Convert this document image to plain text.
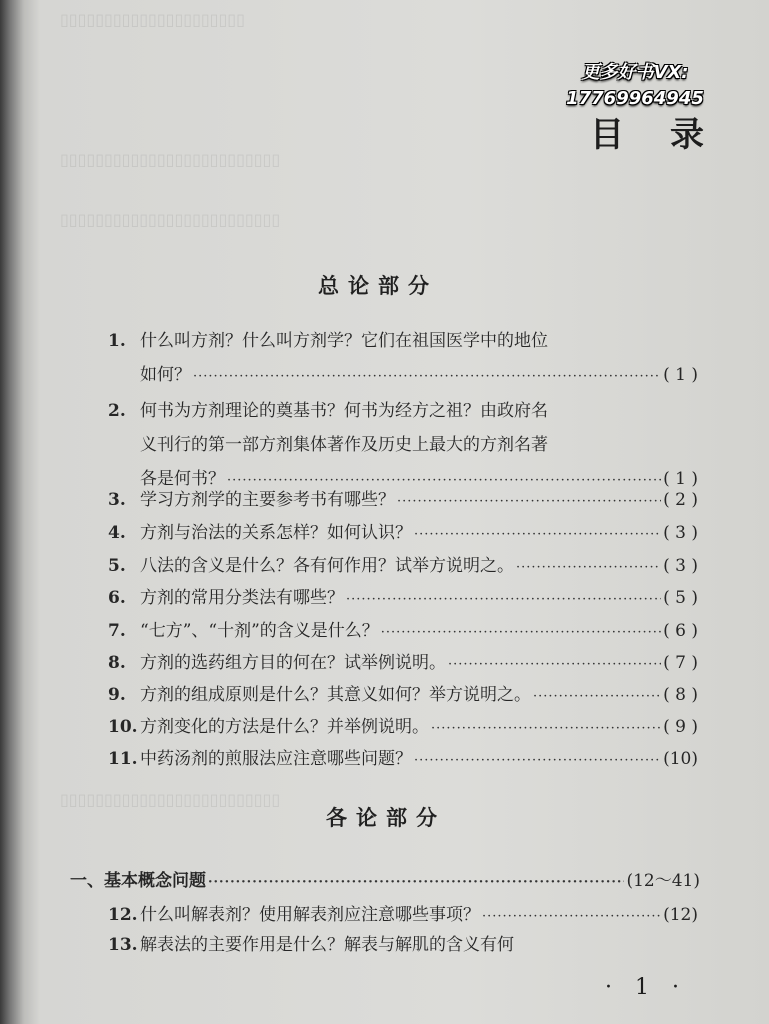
▯▯▯▯▯▯▯▯▯▯▯▯▯▯▯▯▯▯▯▯▯
▯▯▯▯▯▯▯▯▯▯▯▯▯▯▯▯▯▯▯▯▯▯▯▯▯
▯▯▯▯▯▯▯▯▯▯▯▯▯▯▯▯▯▯▯▯▯▯▯▯▯
▯▯▯▯▯▯▯▯▯▯▯▯▯▯▯▯▯▯▯▯▯▯▯▯▯
更多好书VX:
17769964945
目录
总论部分
1. 什么叫方剂？什么叫方剂学？它们在祖国医学中的地位
如何？ ·····	( 1 )
2. 何书为方剂理论的奠基书？何书为经方之祖？由政府名
义刊行的第一部方剂集体著作及历史上最大的方剂名著
各是何书？ ·····	( 1 )
3. 学习方剂学的主要参考书有哪些？ ·····	( 2 )
4. 方剂与治法的关系怎样？如何认识？ ·····	( 3 )
5. 八法的含义是什么？各有何作用？试举方说明之。 ·····	( 3 )
6. 方剂的常用分类法有哪些？ ·····	( 5 )
7. “七方”、“十剂”的含义是什么？ ·····	( 6 )
8. 方剂的选药组方目的何在？试举例说明。 ·····	( 7 )
9. 方剂的组成原则是什么？其意义如何？举方说明之。 ·····	( 8 )
10. 方剂变化的方法是什么？并举例说明。 ·····	( 9 )
11. 中药汤剂的煎服法应注意哪些问题？ ·····	(10)
各论部分
一、基本概念问题 ·····	(12～41)
12. 什么叫解表剂？使用解表剂应注意哪些事项？ ·····	(12)
13. 解表法的主要作用是什么？解表与解肌的含义有何
· 1 ·
